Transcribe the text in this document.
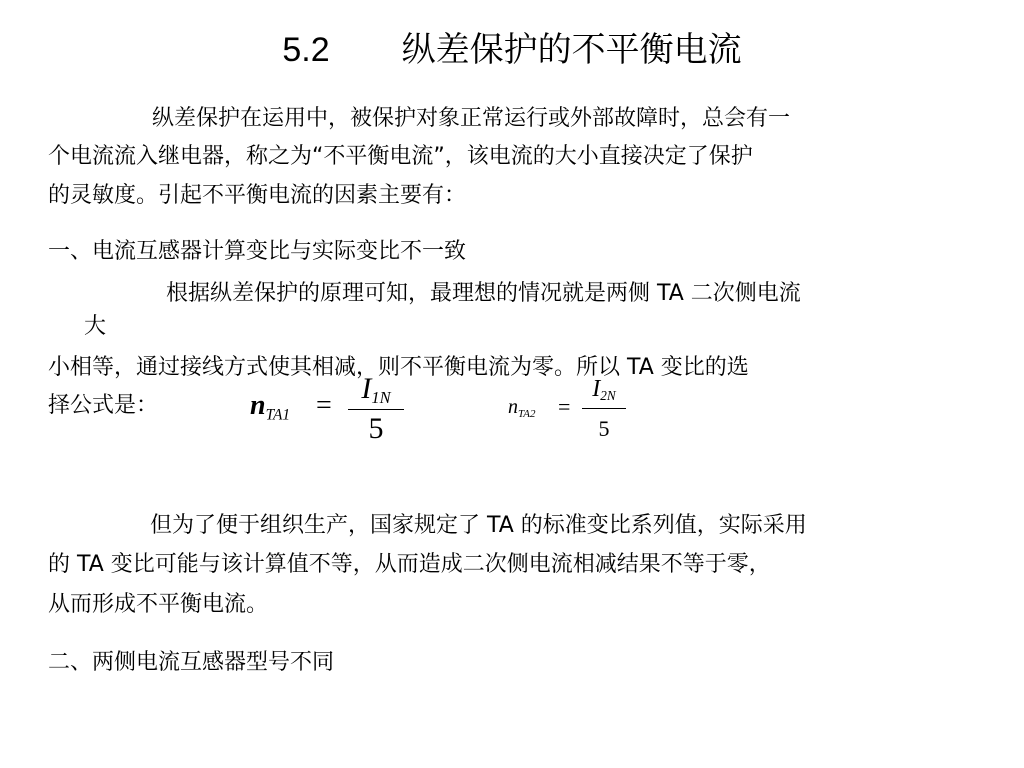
5.2 纵差保护的不平衡电流
纵差保护在运用中，被保护对象正常运行或外部故障时，总会有一
个电流流入继电器，称之为“不平衡电流”，该电流的大小直接决定了保护
的灵敏度。引起不平衡电流的因素主要有：
一、电流互感器计算变比与实际变比不一致
根据纵差保护的原理可知，最理想的情况就是两侧 TA 二次侧电流
大
小相等，通过接线方式使其相减，则不平衡电流为零。所以 TA 变比的选
择公式是：	$n_{TA1}$ =
$I_{1N}$
5
$n_{TA2}$ =
$I_{2N}$
5
但为了便于组织生产，国家规定了 TA 的标准变比系列值，实际采用
的 TA 变比可能与该计算值不等，从而造成二次侧电流相减结果不等于零，
从而形成不平衡电流。
二、两侧电流互感器型号不同
